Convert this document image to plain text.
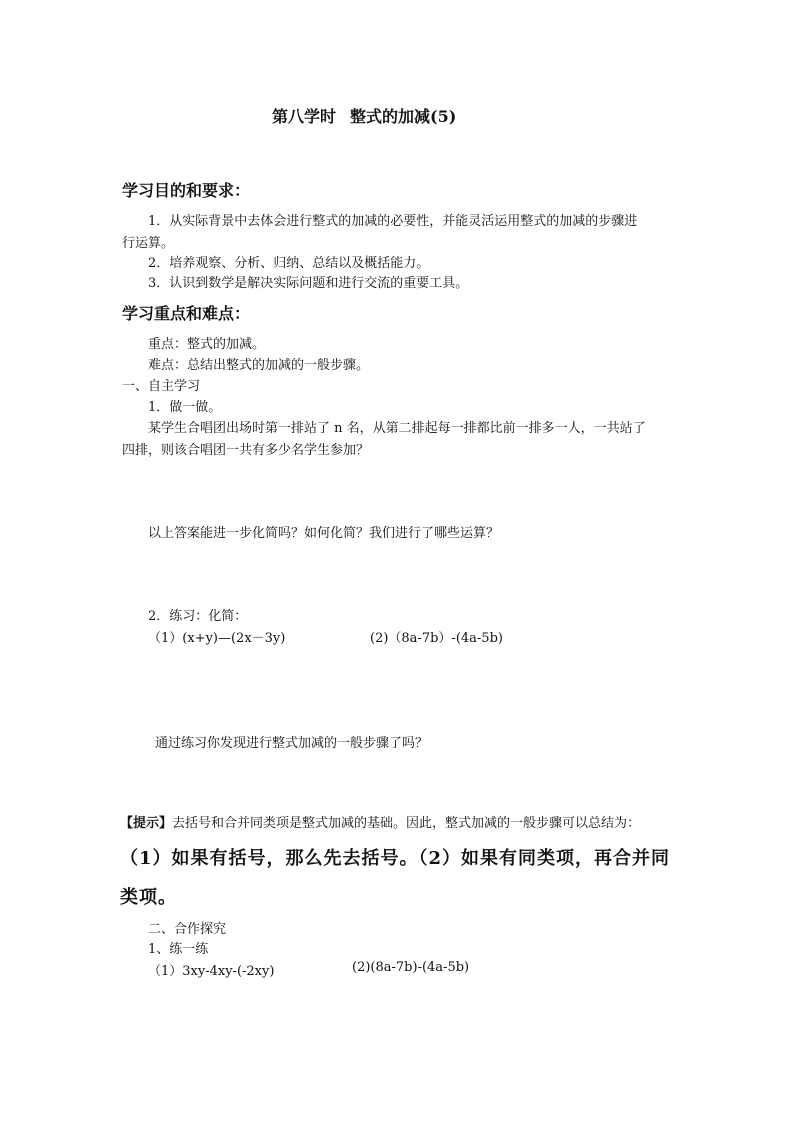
第八学时 整式的加减(5)
学习目的和要求：
1．从实际背景中去体会进行整式的加减的必要性，并能灵活运用整式的加减的步骤进
行运算。
2．培养观察、分析、归纳、总结以及概括能力。
3．认识到数学是解决实际问题和进行交流的重要工具。
学习重点和难点：
重点：整式的加减。
难点：总结出整式的加减的一般步骤。
一、自主学习
1．做一做。
某学生合唱团出场时第一排站了 n 名，从第二排起每一排都比前一排多一人，一共站了
四排，则该合唱团一共有多少名学生参加？
以上答案能进一步化简吗？如何化简？我们进行了哪些运算？
2．练习：化简：
（1）(x+y)—(2x－3y)	(2)（8a-7b）-(4a-5b)
通过练习你发现进行整式加减的一般步骤了吗？
【提示】去括号和合并同类项是整式加减的基础。因此，整式加减的一般步骤可以总结为：
（1）如果有括号，那么先去括号。（2）如果有同类项，再合并同
类项。
二、合作探究
1、练一练
（1）3xy-4xy-(-2xy)	(2)(8a-7b)-(4a-5b)
